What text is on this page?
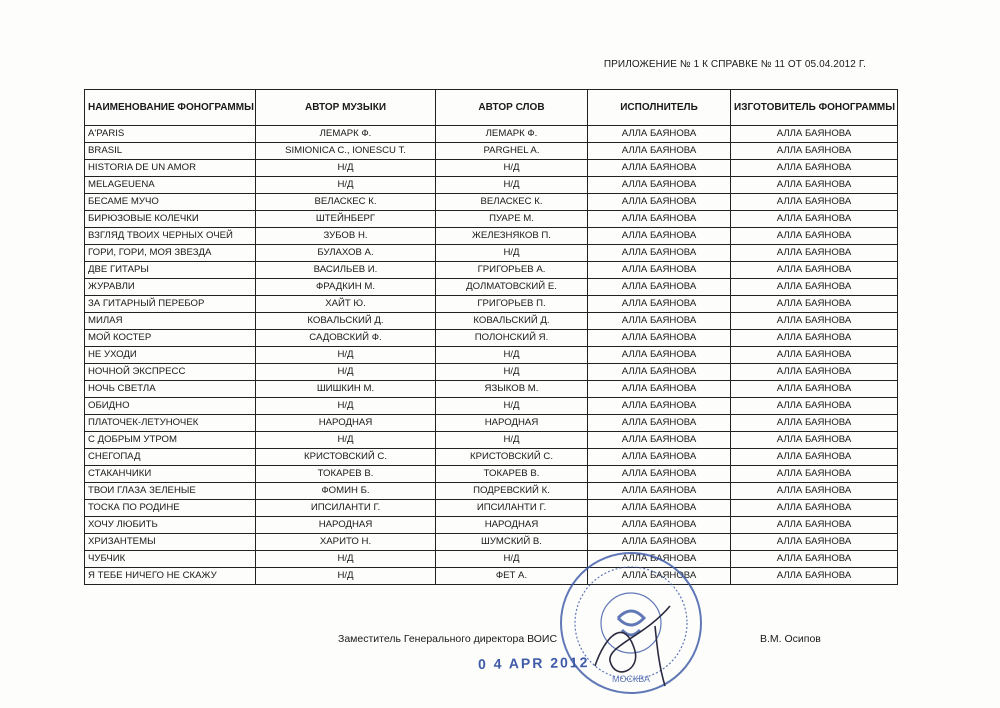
ПРИЛОЖЕНИЕ № 1 К СПРАВКЕ № 11 ОТ 05.04.2012 Г.
НАИМЕНОВАНИЕ ФОНОГРАММЫ	АВТОР МУЗЫКИ	АВТОР СЛОВ	ИСПОЛНИТЕЛЬ	ИЗГОТОВИТЕЛЬ ФОНОГРАММЫ
A'PARIS	ЛЕМАРК Ф.	ЛЕМАРК Ф.	АЛЛА БАЯНОВА	АЛЛА БАЯНОВА
BRASIL	SIMIONICA C., IONESCU T.	PARGHEL A.	АЛЛА БАЯНОВА	АЛЛА БАЯНОВА
HISTORIA DE UN AMOR	Н/Д	Н/Д	АЛЛА БАЯНОВА	АЛЛА БАЯНОВА
MELAGEUENA	Н/Д	Н/Д	АЛЛА БАЯНОВА	АЛЛА БАЯНОВА
БЕСАМЕ МУЧО	ВЕЛАСКЕС К.	ВЕЛАСКЕС К.	АЛЛА БАЯНОВА	АЛЛА БАЯНОВА
БИРЮЗОВЫЕ КОЛЕЧКИ	ШТЕЙНБЕРГ	ПУАРЕ М.	АЛЛА БАЯНОВА	АЛЛА БАЯНОВА
ВЗГЛЯД ТВОИХ ЧЕРНЫХ ОЧЕЙ	ЗУБОВ Н.	ЖЕЛЕЗНЯКОВ П.	АЛЛА БАЯНОВА	АЛЛА БАЯНОВА
ГОРИ, ГОРИ, МОЯ ЗВЕЗДА	БУЛАХОВ А.	Н/Д	АЛЛА БАЯНОВА	АЛЛА БАЯНОВА
ДВЕ ГИТАРЫ	ВАСИЛЬЕВ И.	ГРИГОРЬЕВ А.	АЛЛА БАЯНОВА	АЛЛА БАЯНОВА
ЖУРАВЛИ	ФРАДКИН М.	ДОЛМАТОВСКИЙ Е.	АЛЛА БАЯНОВА	АЛЛА БАЯНОВА
ЗА ГИТАРНЫЙ ПЕРЕБОР	ХАЙТ Ю.	ГРИГОРЬЕВ П.	АЛЛА БАЯНОВА	АЛЛА БАЯНОВА
МИЛАЯ	КОВАЛЬСКИЙ Д.	КОВАЛЬСКИЙ Д.	АЛЛА БАЯНОВА	АЛЛА БАЯНОВА
МОЙ КОСТЕР	САДОВСКИЙ Ф.	ПОЛОНСКИЙ Я.	АЛЛА БАЯНОВА	АЛЛА БАЯНОВА
НЕ УХОДИ	Н/Д	Н/Д	АЛЛА БАЯНОВА	АЛЛА БАЯНОВА
НОЧНОЙ ЭКСПРЕСС	Н/Д	Н/Д	АЛЛА БАЯНОВА	АЛЛА БАЯНОВА
НОЧЬ СВЕТЛА	ШИШКИН М.	ЯЗЫКОВ М.	АЛЛА БАЯНОВА	АЛЛА БАЯНОВА
ОБИДНО	Н/Д	Н/Д	АЛЛА БАЯНОВА	АЛЛА БАЯНОВА
ПЛАТОЧЕК-ЛЕТУНОЧЕК	НАРОДНАЯ	НАРОДНАЯ	АЛЛА БАЯНОВА	АЛЛА БАЯНОВА
С ДОБРЫМ УТРОМ	Н/Д	Н/Д	АЛЛА БАЯНОВА	АЛЛА БАЯНОВА
СНЕГОПАД	КРИСТОВСКИЙ С.	КРИСТОВСКИЙ С.	АЛЛА БАЯНОВА	АЛЛА БАЯНОВА
СТАКАНЧИКИ	ТОКАРЕВ В.	ТОКАРЕВ В.	АЛЛА БАЯНОВА	АЛЛА БАЯНОВА
ТВОИ ГЛАЗА ЗЕЛЕНЫЕ	ФОМИН Б.	ПОДРЕВСКИЙ К.	АЛЛА БАЯНОВА	АЛЛА БАЯНОВА
ТОСКА ПО РОДИНЕ	ИПСИЛАНТИ Г.	ИПСИЛАНТИ Г.	АЛЛА БАЯНОВА	АЛЛА БАЯНОВА
ХОЧУ ЛЮБИТЬ	НАРОДНАЯ	НАРОДНАЯ	АЛЛА БАЯНОВА	АЛЛА БАЯНОВА
ХРИЗАНТЕМЫ	ХАРИТО Н.	ШУМСКИЙ В.	АЛЛА БАЯНОВА	АЛЛА БАЯНОВА
ЧУБЧИК	Н/Д	Н/Д	АЛЛА БАЯНОВА	АЛЛА БАЯНОВА
Я ТЕБЕ НИЧЕГО НЕ СКАЖУ	Н/Д	ФЕТ А.	АЛЛА БАЯНОВА	АЛЛА БАЯНОВА
Заместитель Генерального директора ВОИС	В.М. Осипов
МОСКВА
0 4 APR 2012
